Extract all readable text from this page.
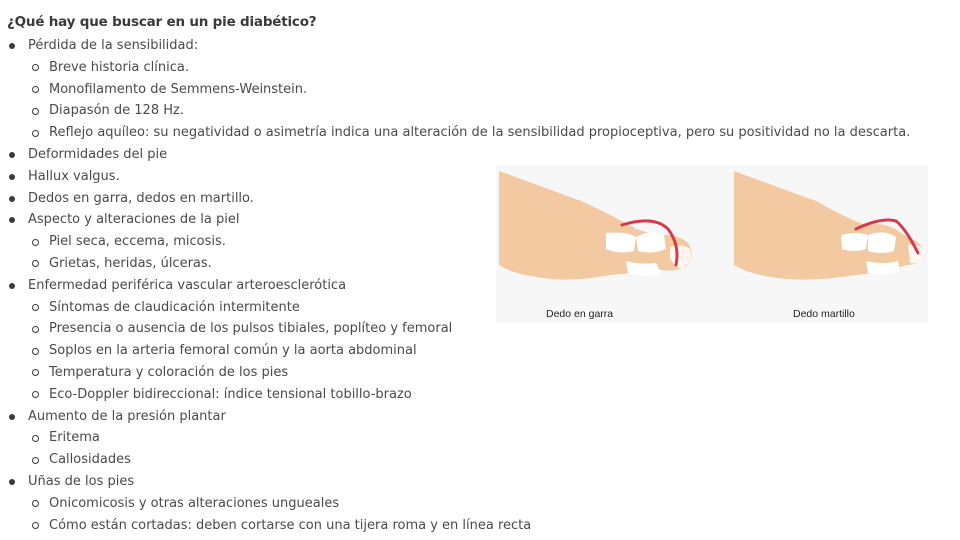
¿Qué hay que buscar en un pie diabético?
Pérdida de la sensibilidad:
Breve historia clínica.
Monofilamento de Semmens-Weinstein.
Diapasón de 128 Hz.
Reflejo aquíleo: su negatividad o asimetría indica una alteración de la sensibilidad propioceptiva, pero su positividad no la descarta.
Deformidades del pie
Hallux valgus.
Dedos en garra, dedos en martillo.
Aspecto y alteraciones de la piel
Piel seca, eccema, micosis.
Grietas, heridas, úlceras.
Enfermedad periférica vascular arteroesclerótica
Síntomas de claudicación intermitente
Presencia o ausencia de los pulsos tibiales, poplíteo y femoral
Soplos en la arteria femoral común y la aorta abdominal
Temperatura y coloración de los pies
Eco-Doppler bidireccional: índice tensional tobillo-brazo
Aumento de la presión plantar
Eritema
Callosidades
Uñas de los pies
Onicomicosis y otras alteraciones ungueales
Cómo están cortadas: deben cortarse con una tijera roma y en línea recta
Dedo en garra	Dedo martillo
